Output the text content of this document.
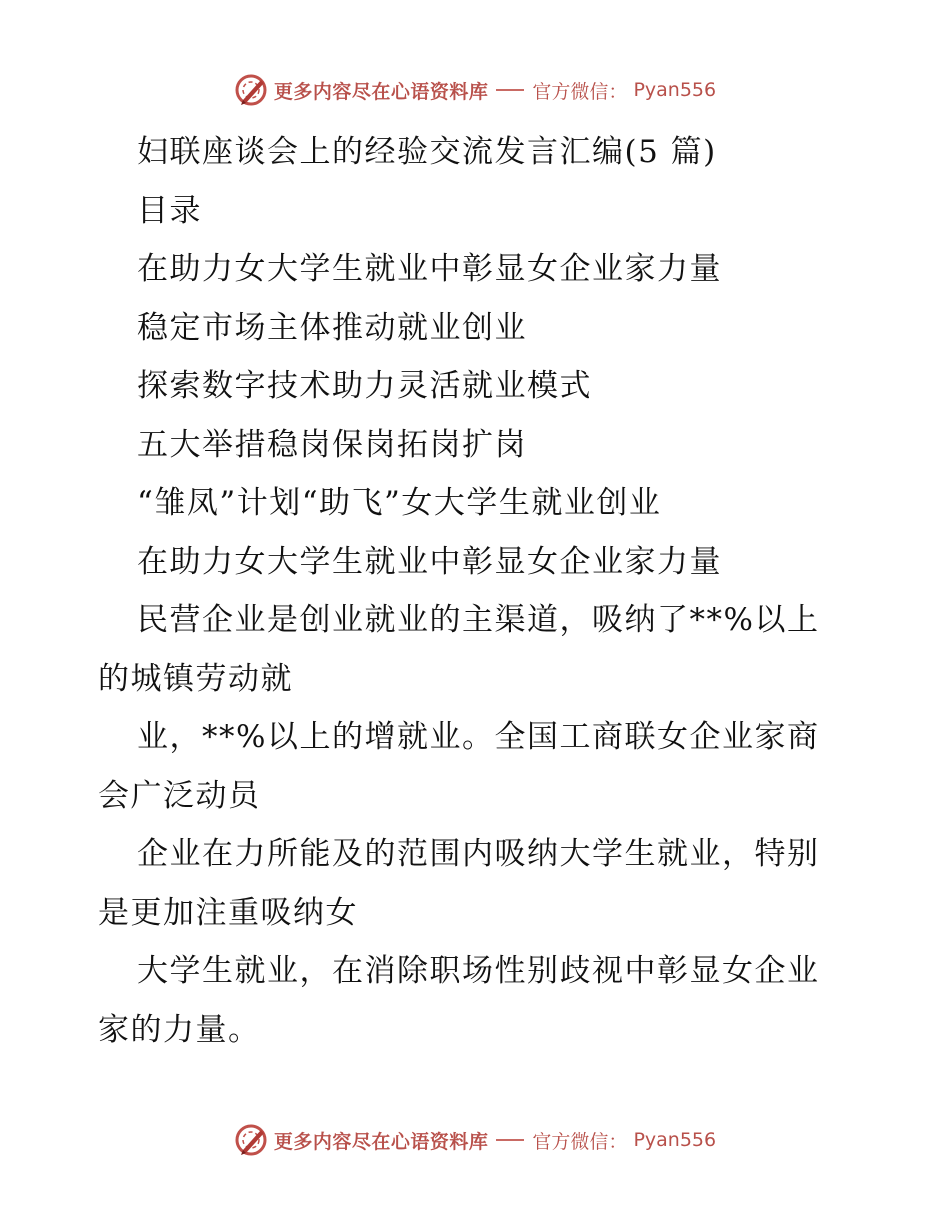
更多内容尽在心语资料库 官方微信： Pyan556
妇联座谈会上的经验交流发言汇编(5 篇)
目录
在助力女大学生就业中彰显女企业家力量
稳定市场主体推动就业创业
探索数字技术助力灵活就业模式
五大举措稳岗保岗拓岗扩岗
“雏凤”计划“助飞”女大学生就业创业
在助力女大学生就业中彰显女企业家力量
民营企业是创业就业的主渠道，吸纳了**%以上
的城镇劳动就
业，**%以上的增就业。全国工商联女企业家商
会广泛动员
企业在力所能及的范围内吸纳大学生就业，特别
是更加注重吸纳女
大学生就业，在消除职场性别歧视中彰显女企业
家的力量。
更多内容尽在心语资料库 官方微信： Pyan556
